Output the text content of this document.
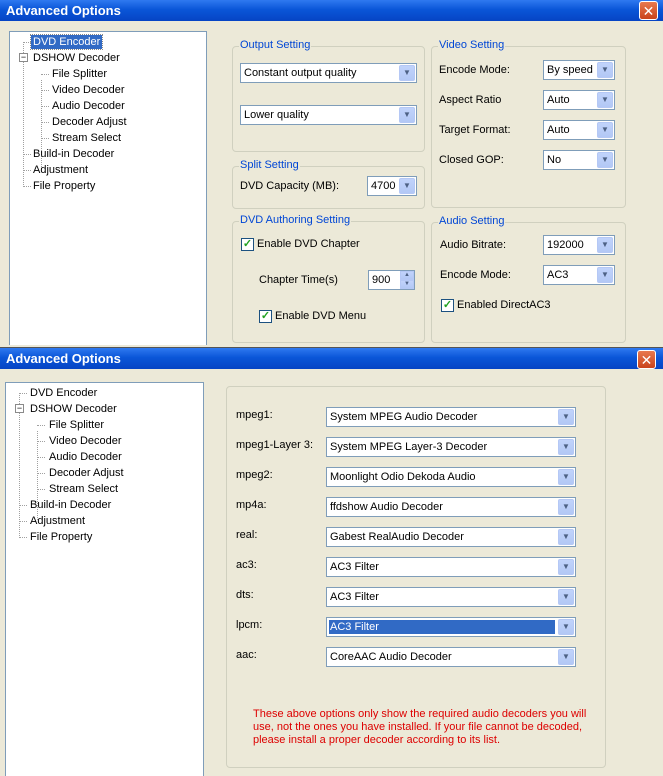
Advanced Options	✕
−
DVD Encoder
DSHOW Decoder
File Splitter
Video Decoder
Audio Decoder
Decoder Adjust
Stream Select
Build-in Decoder
Adjustment
File Property
Output Setting
Constant output quality	▼
Lower quality	▼
Video Setting
Encode Mode:	By speed	▼
Aspect Ratio	Auto	▼
Target Format:	Auto	▼
Closed GOP:	No	▼
Split Setting
DVD Capacity (MB):	4700 ▼
DVD Authoring Setting
✓ Enable DVD Chapter
Chapter Time(s)	900	▲
▼
✓ Enable DVD Menu
Audio Setting
Audio Bitrate:	192000	▼
Encode Mode:	AC3	▼
✓ Enabled DirectAC3
Advanced Options	✕
−
DVD Encoder
DSHOW Decoder
File Splitter
Video Decoder
Audio Decoder
Decoder Adjust
Stream Select
Build-in Decoder
Adjustment
File Property
mpeg1:	System MPEG Audio Decoder	▼
mpeg1-Layer 3: System MPEG Layer-3 Decoder	▼
mpeg2:	Moonlight Odio Dekoda Audio	▼
mp4a:	ffdshow Audio Decoder	▼
real:	Gabest RealAudio Decoder	▼
ac3:	AC3 Filter	▼
dts:	AC3 Filter	▼
lpcm:	AC3 Filter	▼
aac:	CoreAAC Audio Decoder	▼
These above options only show the required audio decoders you will
use, not the ones you have installed. If your file cannot be decoded,
please install a proper decoder according to its list.
